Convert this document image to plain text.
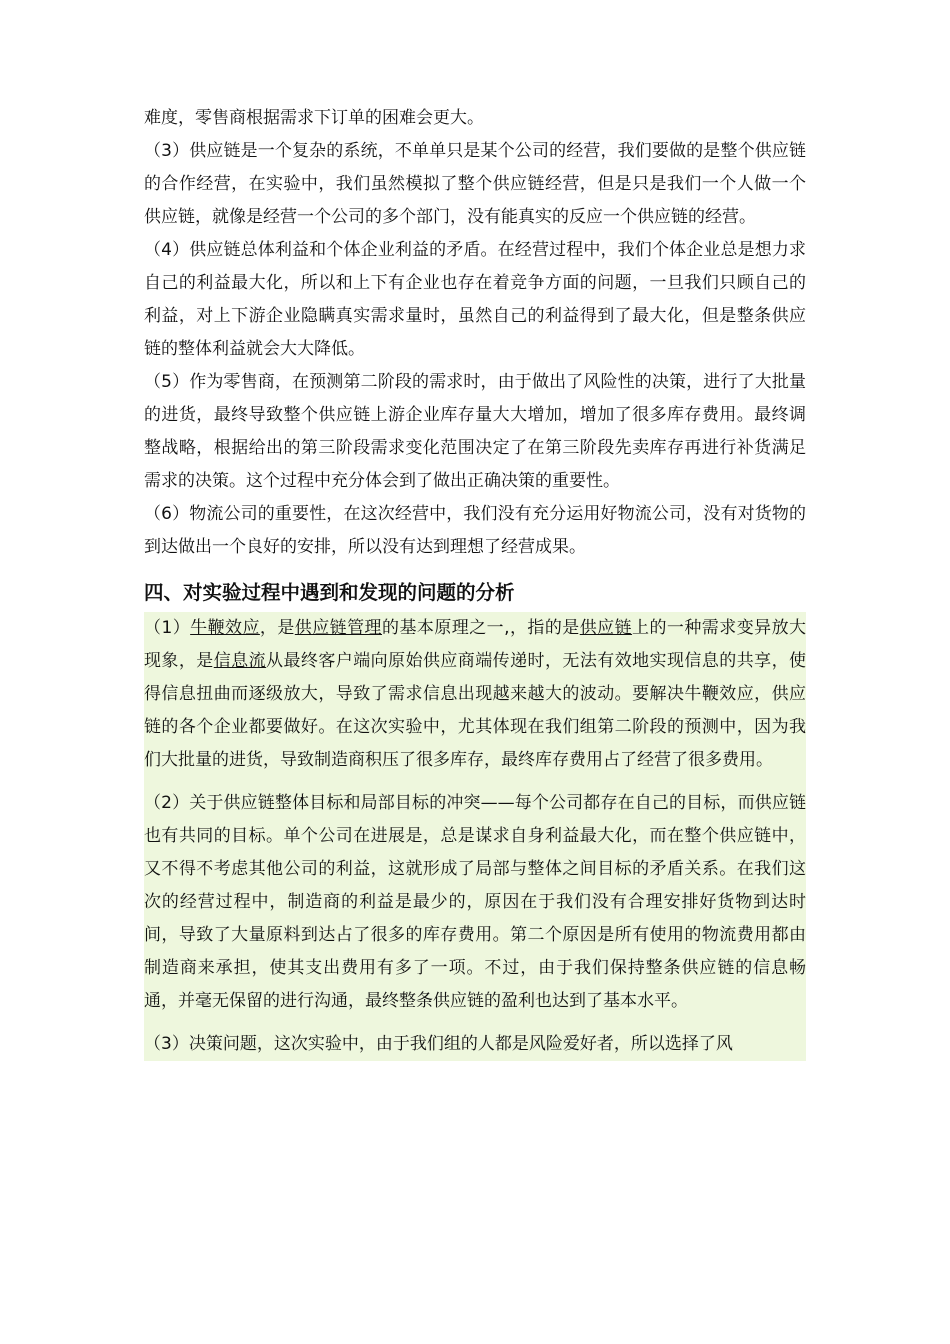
难度，零售商根据需求下订单的困难会更大。

（3）供应链是一个复杂的系统，不单单只是某个公司的经营，我们要做的是整个供应链的合作经营，在实验中，我们虽然模拟了整个供应链经营，但是只是我们一个人做一个供应链，就像是经营一个公司的多个部门，没有能真实的反应一个供应链的经营。

（4）供应链总体利益和个体企业利益的矛盾。在经营过程中，我们个体企业总是想力求自己的利益最大化，所以和上下有企业也存在着竞争方面的问题，一旦我们只顾自己的利益，对上下游企业隐瞒真实需求量时，虽然自己的利益得到了最大化，但是整条供应链的整体利益就会大大降低。

（5）作为零售商，在预测第二阶段的需求时，由于做出了风险性的决策，进行了大批量的进货，最终导致整个供应链上游企业库存量大大增加，增加了很多库存费用。最终调整战略，根据给出的第三阶段需求变化范围决定了在第三阶段先卖库存再进行补货满足需求的决策。这个过程中充分体会到了做出正确决策的重要性。

（6）物流公司的重要性，在这次经营中，我们没有充分运用好物流公司，没有对货物的到达做出一个良好的安排，所以没有达到理想了经营成果。

四、对实验过程中遇到和发现的问题的分析

（1）牛鞭效应，是供应链管理的基本原理之一,，指的是供应链上的一种需求变异放大现象，是信息流从最终客户端向原始供应商端传递时，无法有效地实现信息的共享，使得信息扭曲而逐级放大，导致了需求信息出现越来越大的波动。要解决牛鞭效应，供应链的各个企业都要做好。在这次实验中，尤其体现在我们组第二阶段的预测中，因为我们大批量的进货，导致制造商积压了很多库存，最终库存费用占了经营了很多费用。

（2）关于供应链整体目标和局部目标的冲突——每个公司都存在自己的目标，而供应链也有共同的目标。单个公司在进展是，总是谋求自身利益最大化，而在整个供应链中，又不得不考虑其他公司的利益，这就形成了局部与整体之间目标的矛盾关系。在我们这次的经营过程中，制造商的利益是最少的，原因在于我们没有合理安排好货物到达时间，导致了大量原料到达占了很多的库存费用。第二个原因是所有使用的物流费用都由制造商来承担，使其支出费用有多了一项。不过，由于我们保持整条供应链的信息畅通，并毫无保留的进行沟通，最终整条供应链的盈利也达到了基本水平。

（3）决策问题，这次实验中，由于我们组的人都是风险爱好者，所以选择了风
